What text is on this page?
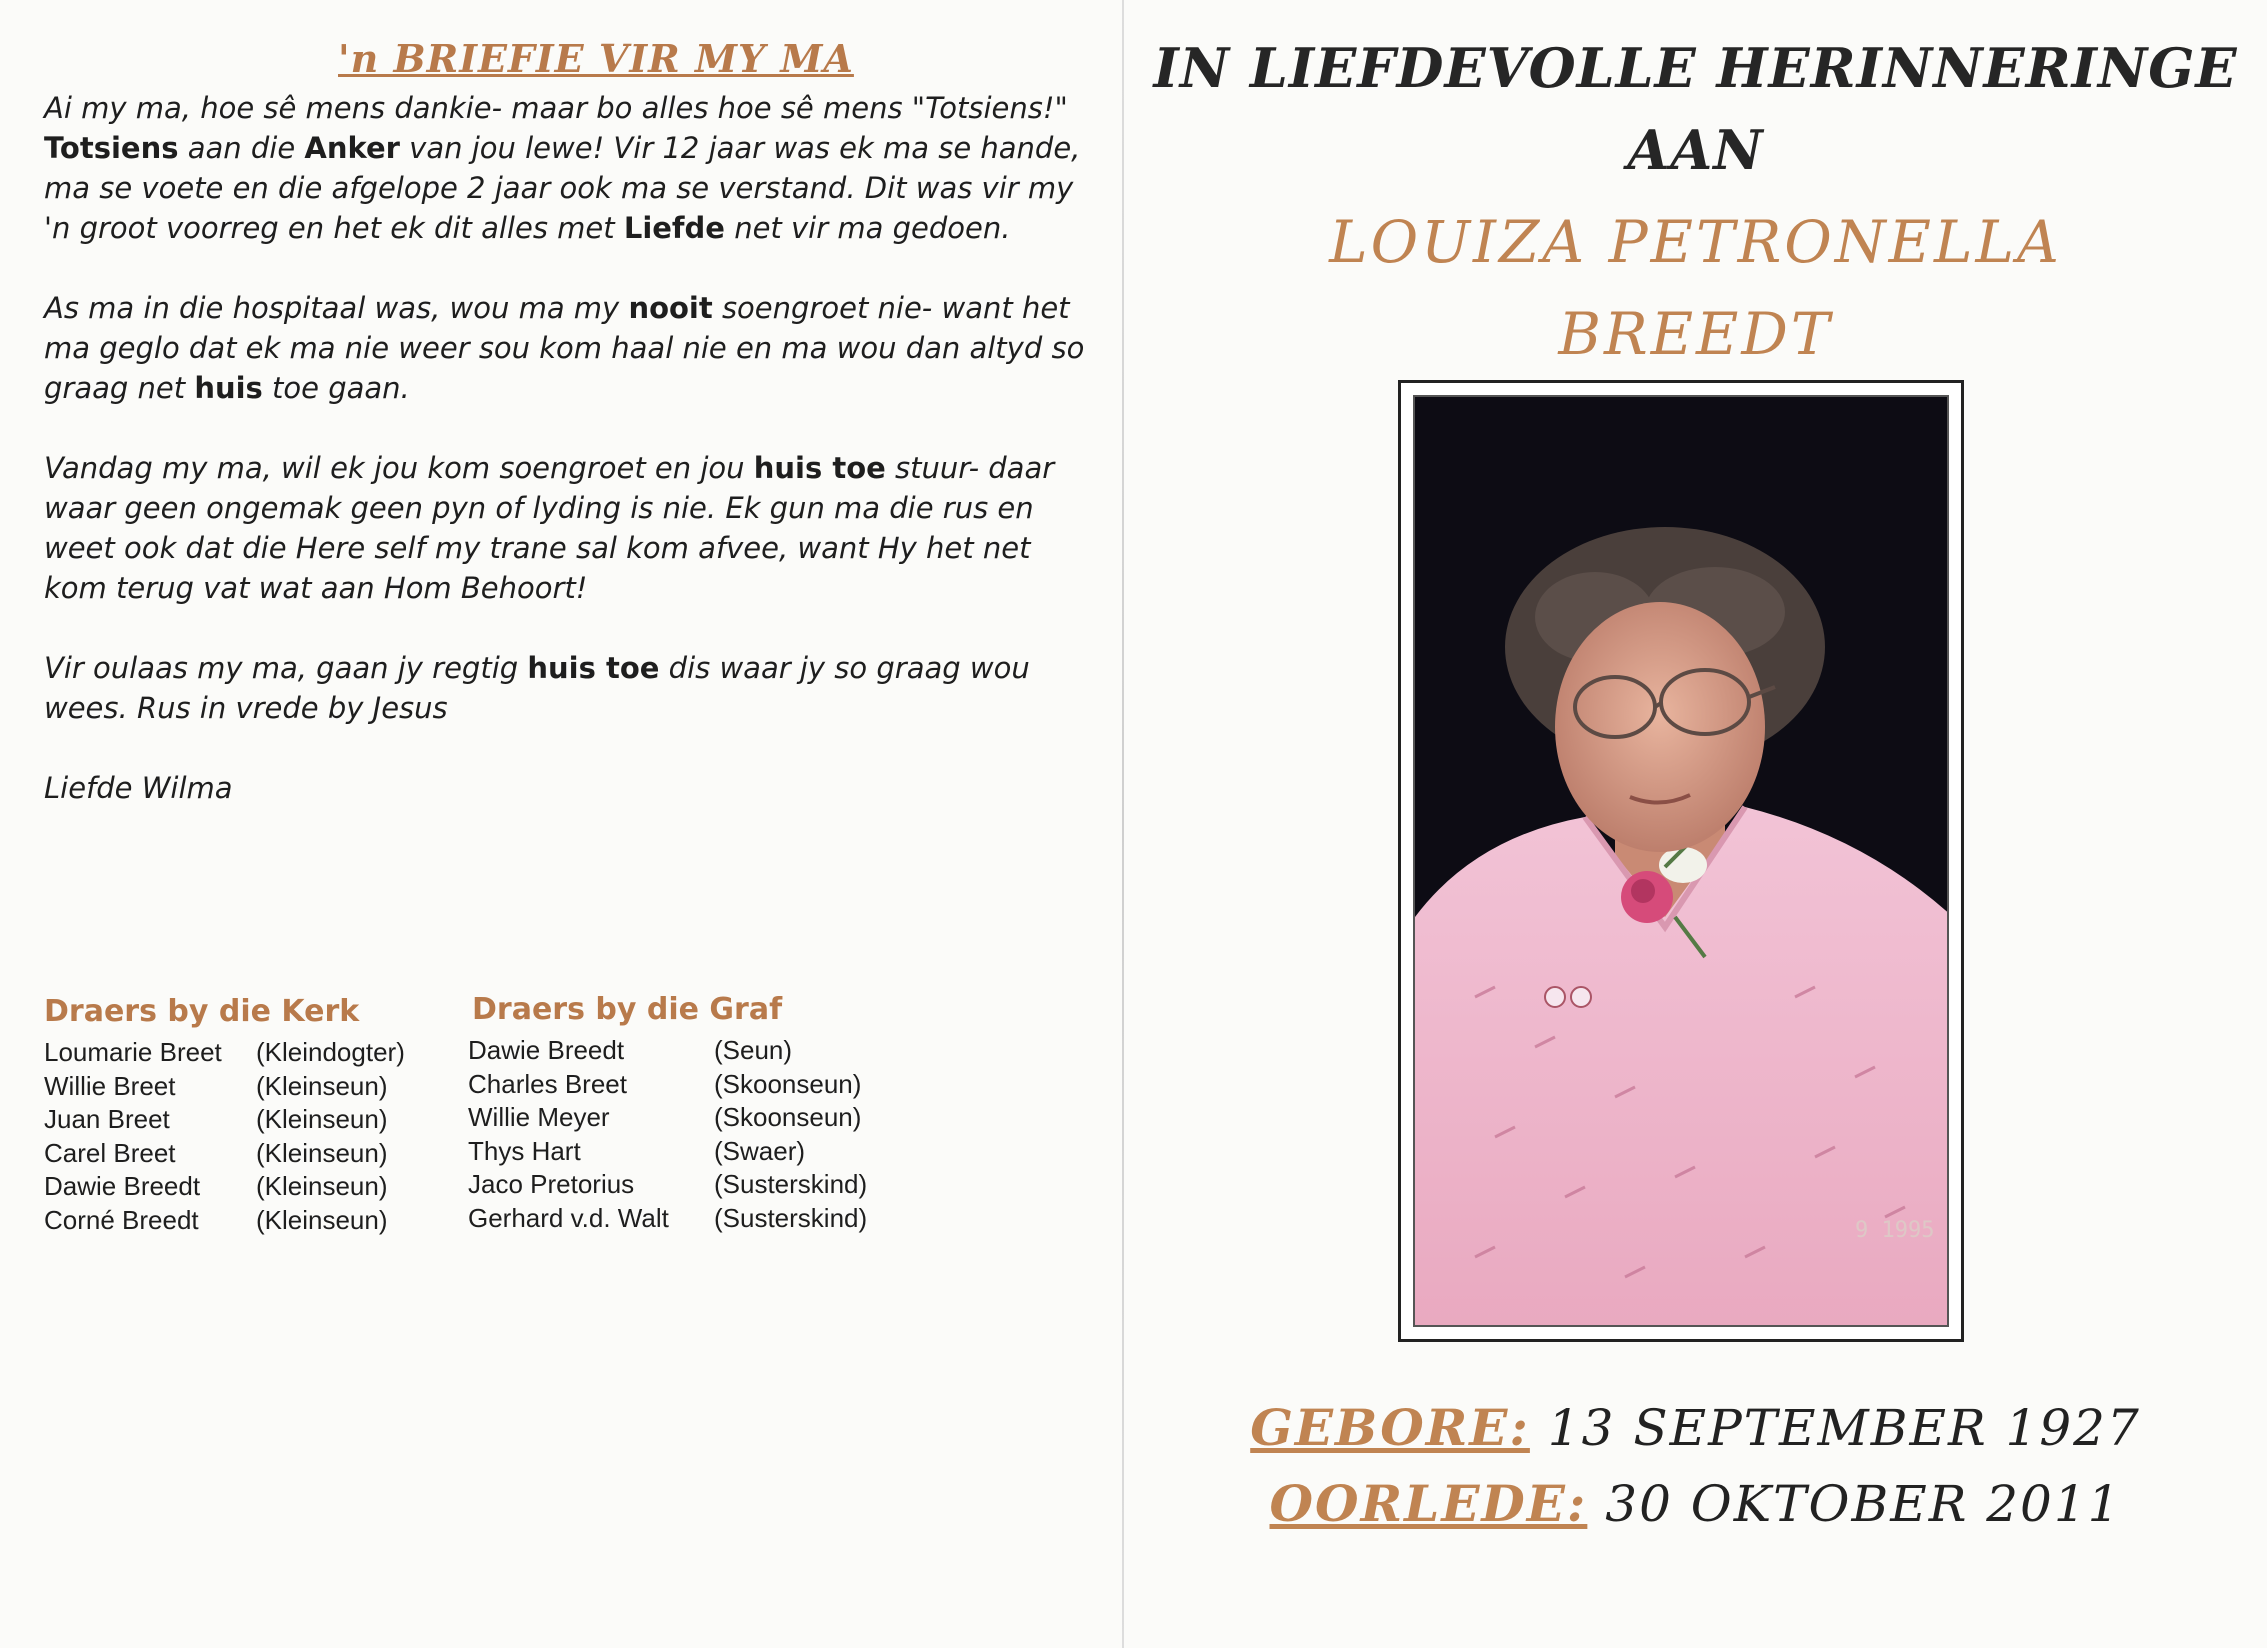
'n BRIEFIE VIR MY MA

Ai my ma, hoe sê mens dankie- maar bo alles hoe sê mens "Totsiens!" Totsiens aan die Anker van jou lewe! Vir 12 jaar was ek ma se hande, ma se voete en die afgelope 2 jaar ook ma se verstand. Dit was vir my 'n groot voorreg en het ek dit alles met Liefde net vir ma gedoen.

As ma in die hospitaal was, wou ma my nooit soengroet nie- want het ma geglo dat ek ma nie weer sou kom haal nie en ma wou dan altyd so graag net huis toe gaan.

Vandag my ma, wil ek jou kom soengroet en jou huis toe stuur- daar waar geen ongemak geen pyn of lyding is nie. Ek gun ma die rus en weet ook dat die Here self my trane sal kom afvee, want Hy het net kom terug vat wat aan Hom Behoort!

Vir oulaas my ma, gaan jy regtig huis toe dis waar jy so graag wou wees. Rus in vrede by Jesus

Liefde Wilma

Draers by die Kerk
Loumarie Breet (Kleindogter)
Willie Breet	(Kleinseun)
Juan Breet	(Kleinseun)
Carel Breet	(Kleinseun)
Dawie Breedt (Kleinseun)
Corné Breedt (Kleinseun)
Draers by die Graf
Dawie Breedt	(Seun)
Charles Breet	(Skoonseun)
Willie Meyer	(Skoonseun)
Thys Hart	(Swaer)
Jaco Pretorius	(Susterskind)
Gerhard v.d. Walt (Susterskind)
IN LIEFDEVOLLE HERINNERINGE
AAN
LOUIZA PETRONELLA
BREEDT
GEBORE: 13 SEPTEMBER 1927
OORLEDE: 30 OKTOBER 2011
9 1995
